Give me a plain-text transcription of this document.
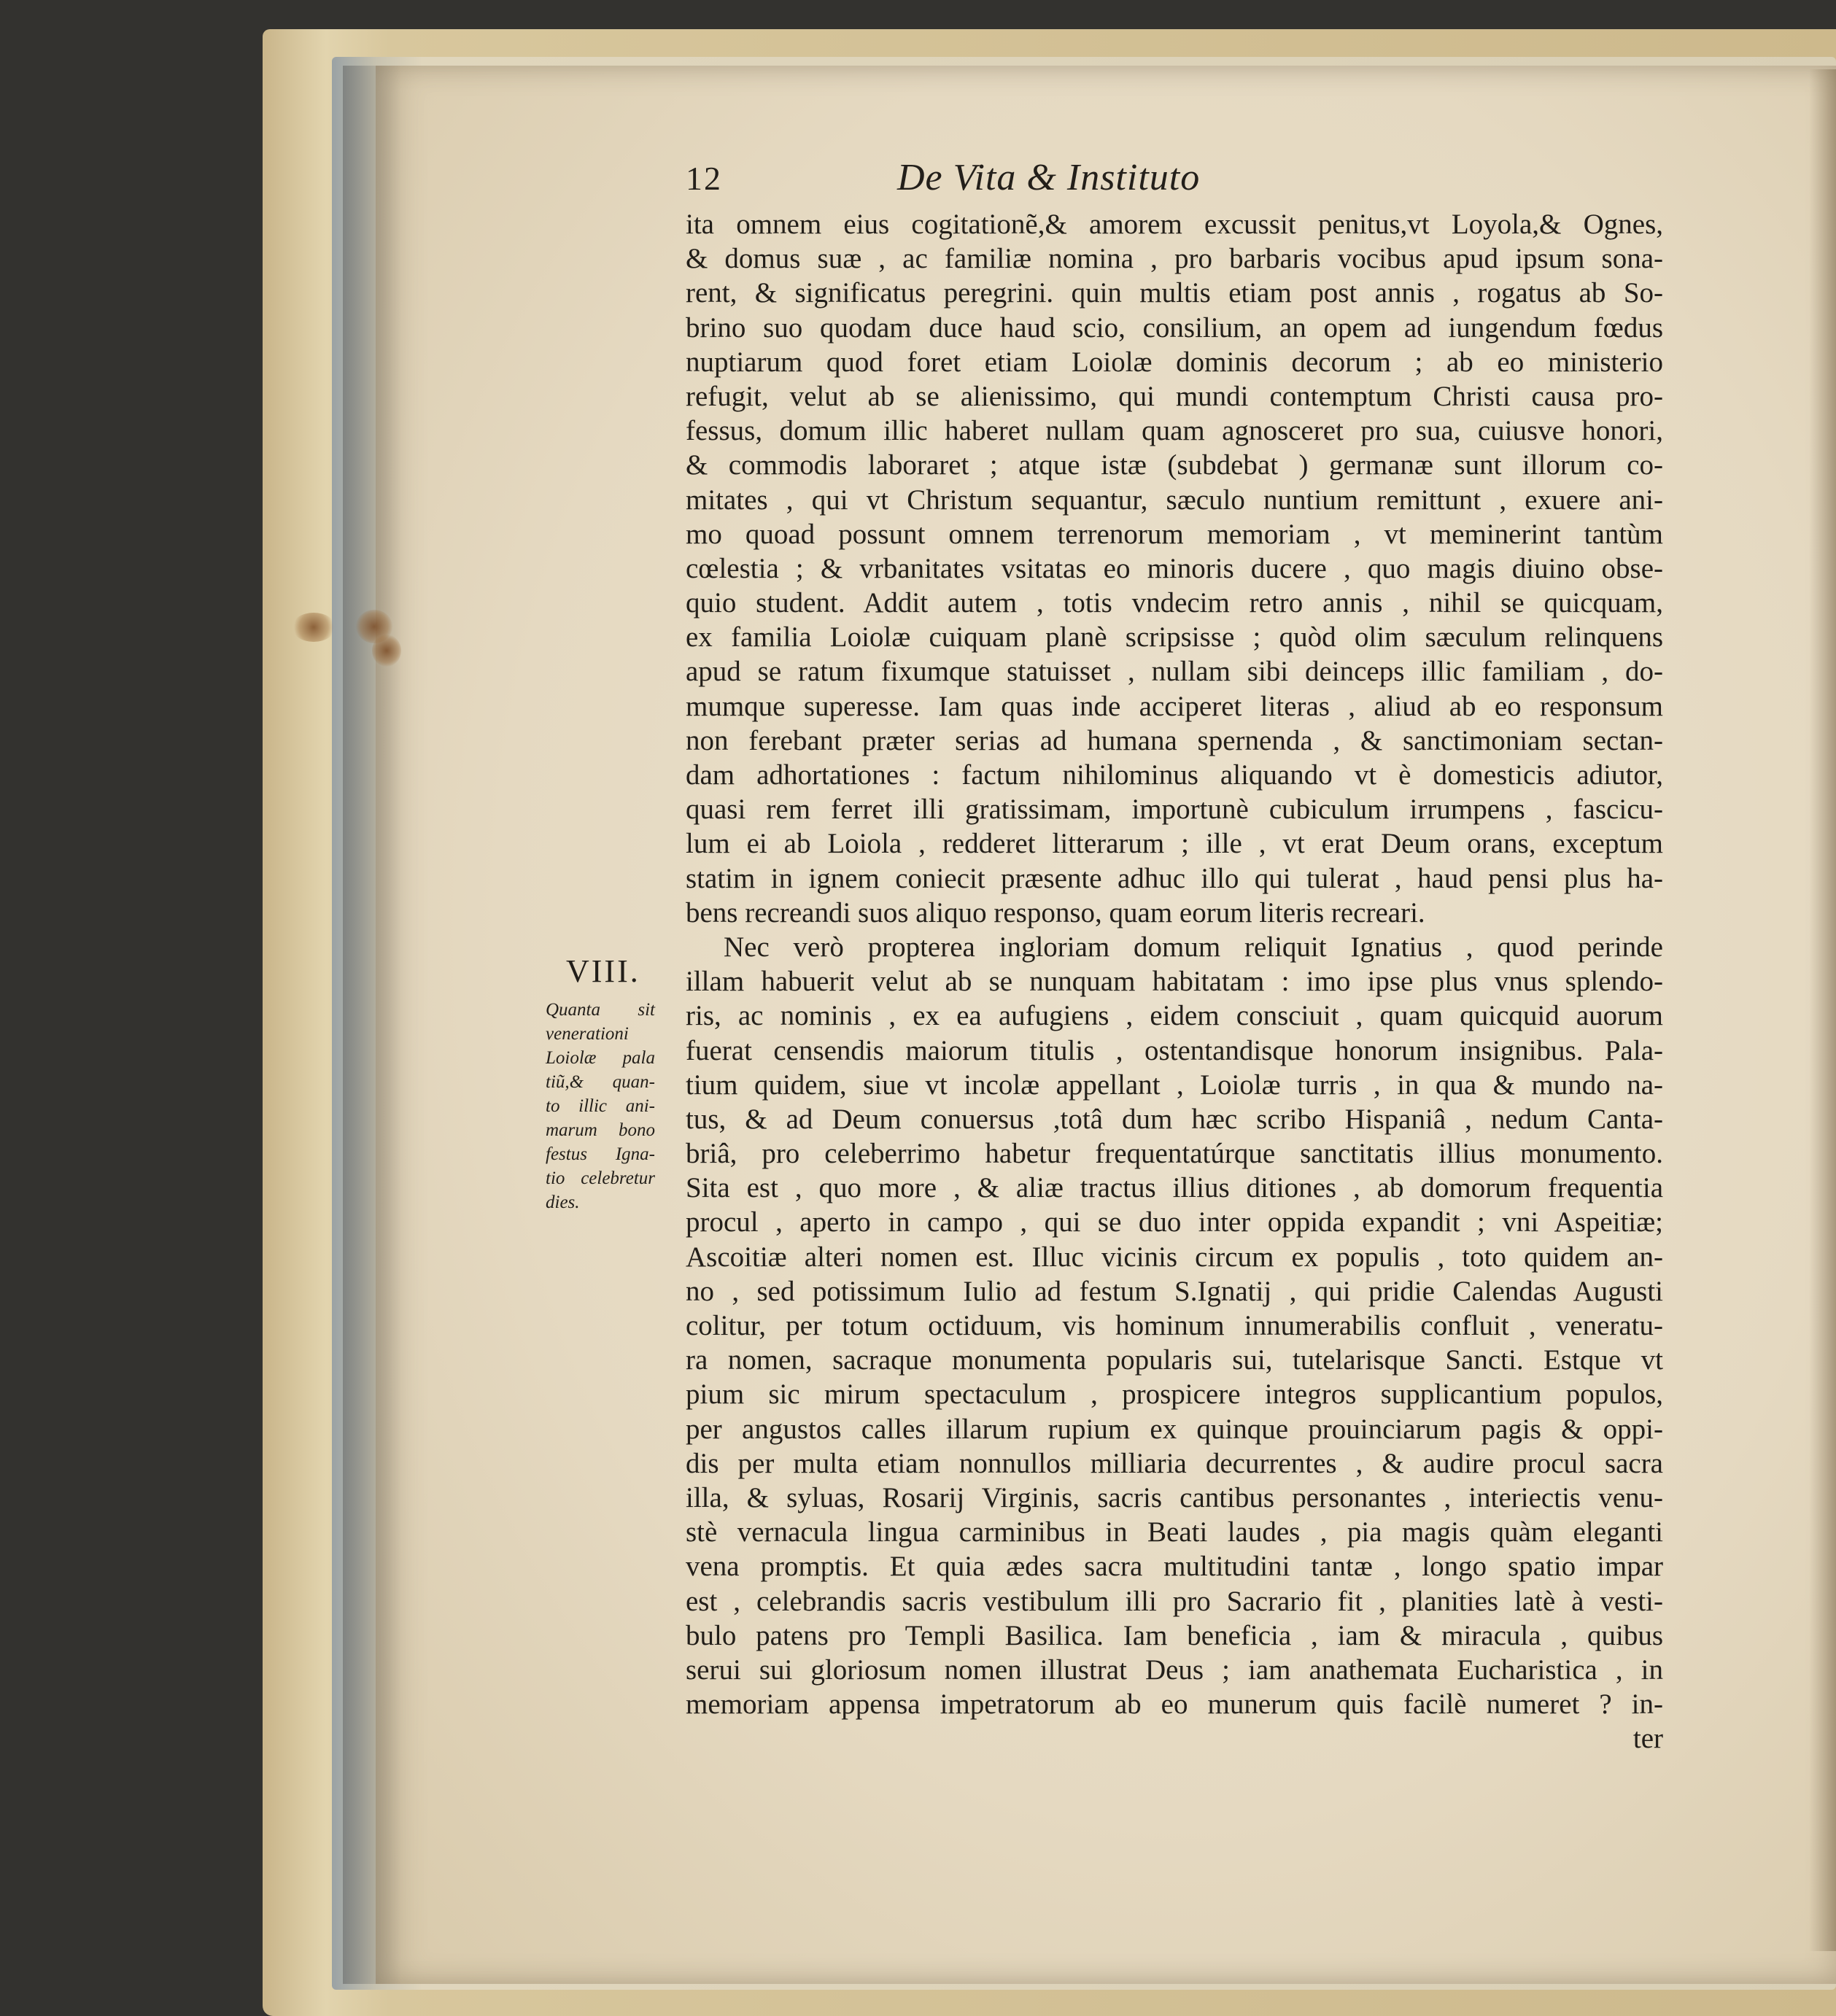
12	De Vita & Instituto
VIII.
Quanta sit
venerationi
Loiolæ pala
tiũ,& quan-
to illic ani-
marum bono
festus Igna-
tio celebretur
dies.
ita omnem eius cogitationẽ,& amorem excussit penitus,vt Loyola,& Ognes,
& domus suæ , ac familiæ nomina , pro barbaris vocibus apud ipsum sona-
rent, & significatus peregrini. quin multis etiam post annis , rogatus ab So-
brino suo quodam duce haud scio, consilium, an opem ad iungendum fœdus
nuptiarum quod foret etiam Loiolæ dominis decorum ; ab eo ministerio
refugit, velut ab se alienissimo, qui mundi contemptum Christi causa pro-
fessus, domum illic haberet nullam quam agnosceret pro sua, cuiusve honori,
& commodis laboraret ; atque istæ (subdebat ) germanæ sunt illorum co-
mitates , qui vt Christum sequantur, sæculo nuntium remittunt , exuere ani-
mo quoad possunt omnem terrenorum memoriam , vt meminerint tantùm
cœlestia ; & vrbanitates vsitatas eo minoris ducere , quo magis diuino obse-
quio student. Addit autem , totis vndecim retro annis , nihil se quicquam,
ex familia Loiolæ cuiquam planè scripsisse ; quòd olim sæculum relinquens
apud se ratum fixumque statuisset , nullam sibi deinceps illic familiam , do-
mumque superesse. Iam quas inde acciperet literas , aliud ab eo responsum
non ferebant præter serias ad humana spernenda , & sanctimoniam sectan-
dam adhortationes : factum nihilominus aliquando vt è domesticis adiutor,
quasi rem ferret illi gratissimam, importunè cubiculum irrumpens , fascicu-
lum ei ab Loiola , redderet litterarum ; ille , vt erat Deum orans, exceptum
statim in ignem coniecit præsente adhuc illo qui tulerat , haud pensi plus ha-
bens recreandi suos aliquo responso, quam eorum literis recreari.
Nec verò propterea ingloriam domum reliquit Ignatius , quod perinde
illam habuerit velut ab se nunquam habitatam : imo ipse plus vnus splendo-
ris, ac nominis , ex ea aufugiens , eidem consciuit , quam quicquid auorum
fuerat censendis maiorum titulis , ostentandisque honorum insignibus. Pala-
tium quidem, siue vt incolæ appellant , Loiolæ turris , in qua & mundo na-
tus, & ad Deum conuersus ,totâ dum hæc scribo Hispaniâ , nedum Canta-
briâ, pro celeberrimo habetur frequentatúrque sanctitatis illius monumento.
Sita est , quo more , & aliæ tractus illius ditiones , ab domorum frequentia
procul , aperto in campo , qui se duo inter oppida expandit ; vni Aspeitiæ;
Ascoitiæ alteri nomen est. Illuc vicinis circum ex populis , toto quidem an-
no , sed potissimum Iulio ad festum S.Ignatij , qui pridie Calendas Augusti
colitur, per totum octiduum, vis hominum innumerabilis confluit , veneratu-
ra nomen, sacraque monumenta popularis sui, tutelarisque Sancti. Estque vt
pium sic mirum spectaculum , prospicere integros supplicantium populos,
per angustos calles illarum rupium ex quinque prouinciarum pagis & oppi-
dis per multa etiam nonnullos milliaria decurrentes , & audire procul sacra
illa, & syluas, Rosarij Virginis, sacris cantibus personantes , interiectis venu-
stè vernacula lingua carminibus in Beati laudes , pia magis quàm eleganti
vena promptis. Et quia ædes sacra multitudini tantæ , longo spatio impar
est , celebrandis sacris vestibulum illi pro Sacrario fit , planities latè à vesti-
bulo patens pro Templi Basilica. Iam beneficia , iam & miracula , quibus
serui sui gloriosum nomen illustrat Deus ; iam anathemata Eucharistica , in
memoriam appensa impetratorum ab eo munerum quis facilè numeret ? in-
ter
